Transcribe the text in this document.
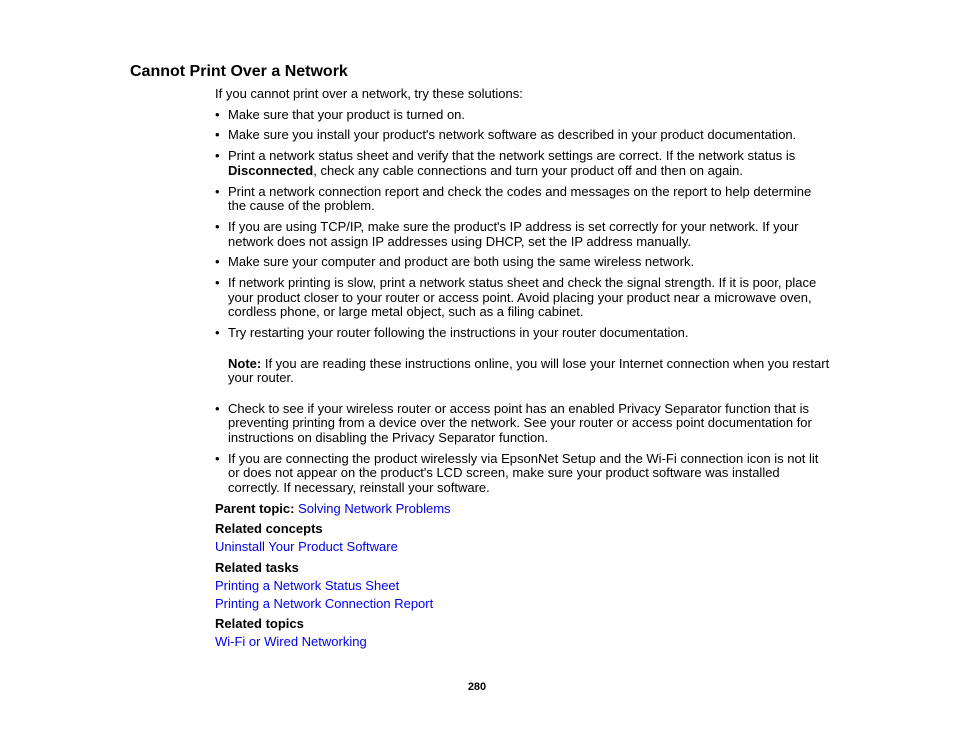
Cannot Print Over a Network

If you cannot print over a network, try these solutions:

• Make sure that your product is turned on.
• Make sure you install your product's network software as described in your product documentation.
• Print a network status sheet and verify that the network settings are correct. If the network status is Disconnected, check any cable connections and turn your product off and then on again.
• Print a network connection report and check the codes and messages on the report to help determine the cause of the problem.
• If you are using TCP/IP, make sure the product's IP address is set correctly for your network. If your network does not assign IP addresses using DHCP, set the IP address manually.
• Make sure your computer and product are both using the same wireless network.
• If network printing is slow, print a network status sheet and check the signal strength. If it is poor, place your product closer to your router or access point. Avoid placing your product near a microwave oven, cordless phone, or large metal object, such as a filing cabinet.
• Try restarting your router following the instructions in your router documentation.
Note: If you are reading these instructions online, you will lose your Internet connection when you restart your router.
• Check to see if your wireless router or access point has an enabled Privacy Separator function that is preventing printing from a device over the network. See your router or access point documentation for instructions on disabling the Privacy Separator function.
• If you are connecting the product wirelessly via EpsonNet Setup and the Wi-Fi connection icon is not lit or does not appear on the product's LCD screen, make sure your product software was installed correctly. If necessary, reinstall your software.
Parent topic: Solving Network Problems
Related concepts
Uninstall Your Product Software
Related tasks
Printing a Network Status Sheet
Printing a Network Connection Report
Related topics
Wi-Fi or Wired Networking
280
